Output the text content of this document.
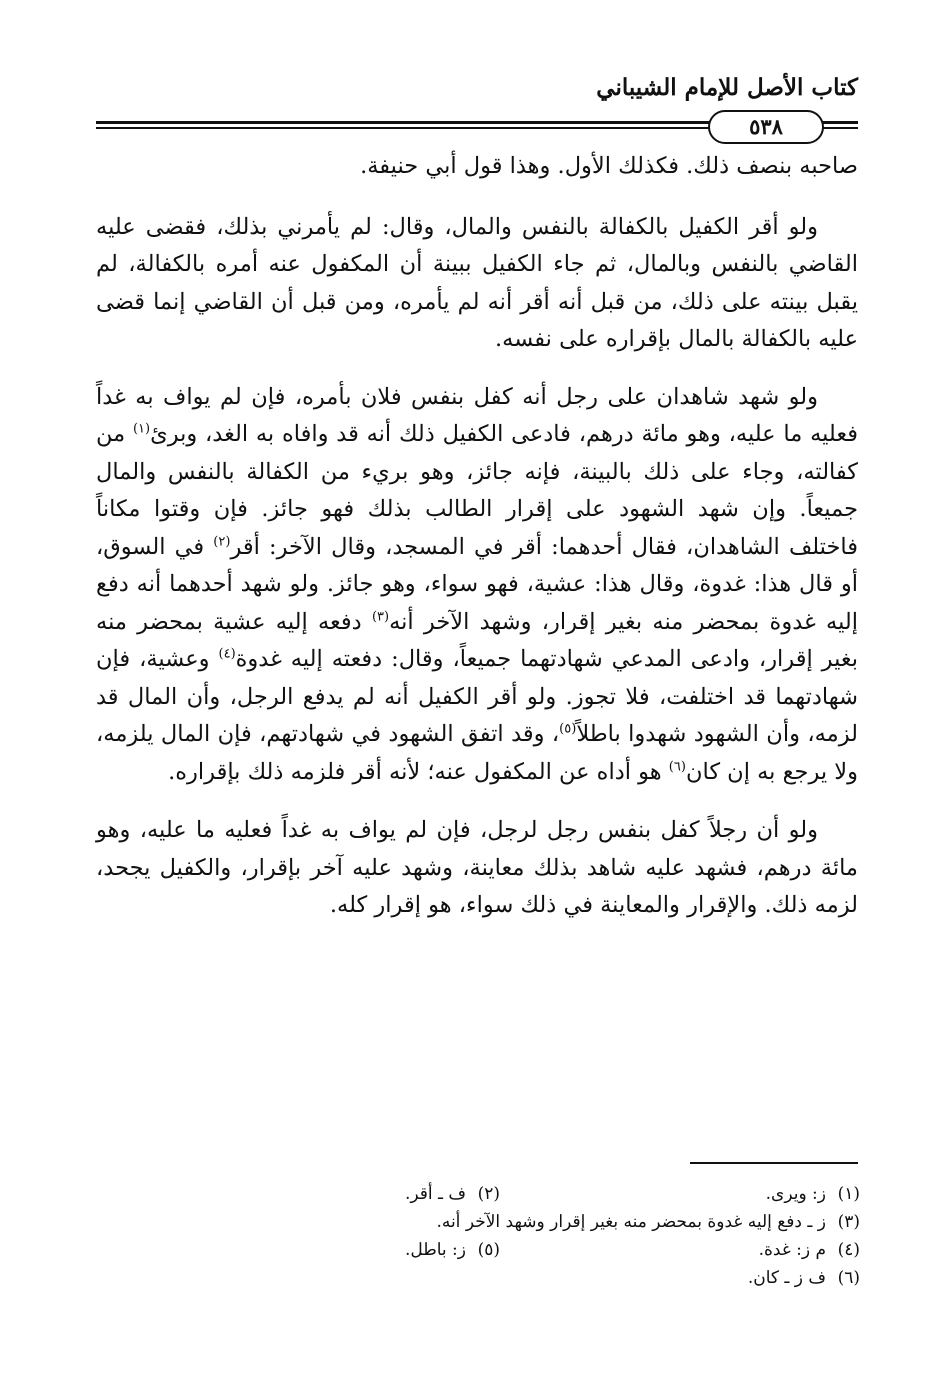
كتاب الأصل للإمام الشيباني
٥٣٨

صاحبه بنصف ذلك. فكذلك الأول. وهذا قول أبي حنيفة.

ولو أقر الكفيل بالكفالة بالنفس والمال، وقال: لم يأمرني بذلك، فقضى عليه القاضي بالنفس وبالمال، ثم جاء الكفيل ببينة أن المكفول عنه أمره بالكفالة، لم يقبل بينته على ذلك، من قبل أنه أقر أنه لم يأمره، ومن قبل أن القاضي إنما قضى عليه بالكفالة بالمال بإقراره على نفسه.

ولو شهد شاهدان على رجل أنه كفل بنفس فلان بأمره، فإن لم يواف به غداً فعليه ما عليه، وهو مائة درهم، فادعى الكفيل ذلك أنه قد وافاه به الغد، وبرئ$^{(١)}$ من كفالته، وجاء على ذلك بالبينة، فإنه جائز، وهو بريء من الكفالة بالنفس والمال جميعاً. وإن شهد الشهود على إقرار الطالب بذلك فهو جائز. فإن وقتوا مكاناً فاختلف الشاهدان، فقال أحدهما: أقر في المسجد، وقال الآخر: أقر$^{(٢)}$ في السوق، أو قال هذا: غدوة، وقال هذا: عشية، فهو سواء، وهو جائز. ولو شهد أحدهما أنه دفع إليه غدوة بمحضر منه بغير إقرار، وشهد الآخر أنه$^{(٣)}$ دفعه إليه عشية بمحضر منه بغير إقرار، وادعى المدعي شهادتهما جميعاً، وقال: دفعته إليه غدوة$^{(٤)}$ وعشية، فإن شهادتهما قد اختلفت، فلا تجوز. ولو أقر الكفيل أنه لم يدفع الرجل، وأن المال قد لزمه، وأن الشهود شهدوا باطلاً$^{(٥)}$، وقد اتفق الشهود في شهادتهم، فإن المال يلزمه، ولا يرجع به إن كان$^{(٦)}$ هو أداه عن المكفول عنه؛ لأنه أقر فلزمه ذلك بإقراره.

ولو أن رجلاً كفل بنفس رجل لرجل، فإن لم يواف به غداً فعليه ما عليه، وهو مائة درهم، فشهد عليه شاهد بذلك معاينة، وشهد عليه آخر بإقرار، والكفيل يجحد، لزمه ذلك. والإقرار والمعاينة في ذلك سواء، هو إقرار كله.

(١)ز: ويرى.
(٢)ف ـ أقر.
(٣)ز ـ دفع إليه غدوة بمحضر منه بغير إقرار وشهد الآخر أنه.
(٤)م ز: غدة.
(٥)ز: باطل.
(٦)ف ز ـ كان.
